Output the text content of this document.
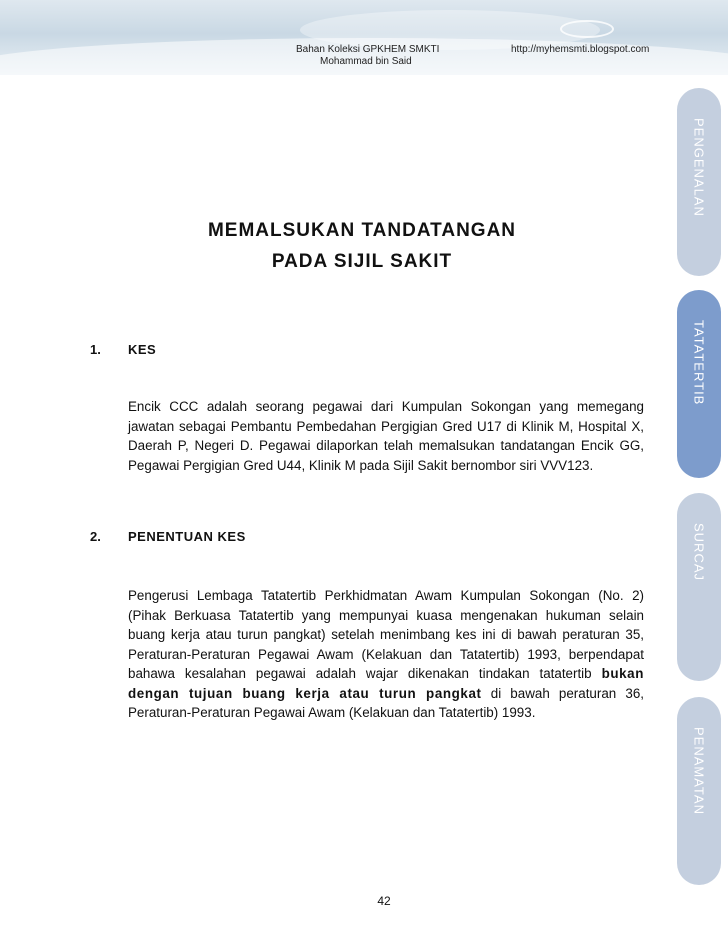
Bahan Koleksi GPKHEM SMKTI	http://myhemsmti.blogspot.com
Mohammad bin Said
PENGENALAN
TATATERTIB
SURCAJ
PENAMATAN
MEMALSUKAN TANDATANGAN
PADA SIJIL SAKIT
1. KES
Encik CCC adalah seorang pegawai dari Kumpulan Sokongan yang memegang jawatan sebagai Pembantu Pembedahan Pergigian Gred U17 di Klinik M, Hospital X, Daerah P, Negeri D. Pegawai dilaporkan telah memalsukan tandatangan Encik GG, Pegawai Pergigian Gred U44, Klinik M pada Sijil Sakit bernombor siri VVV123.
2. PENENTUAN KES
Pengerusi Lembaga Tatatertib Perkhidmatan Awam Kumpulan Sokongan (No. 2) (Pihak Berkuasa Tatatertib yang mempunyai kuasa mengenakan hukuman selain buang kerja atau turun pangkat) setelah menimbang kes ini di bawah peraturan 35, Peraturan-Peraturan Pegawai Awam (Kelakuan dan Tatatertib) 1993, berpendapat bahawa kesalahan pegawai adalah wajar dikenakan tindakan tatatertib bukan dengan tujuan buang kerja atau turun pangkat di bawah peraturan 36, Peraturan-Peraturan Pegawai Awam (Kelakuan dan Tatatertib) 1993.
42
